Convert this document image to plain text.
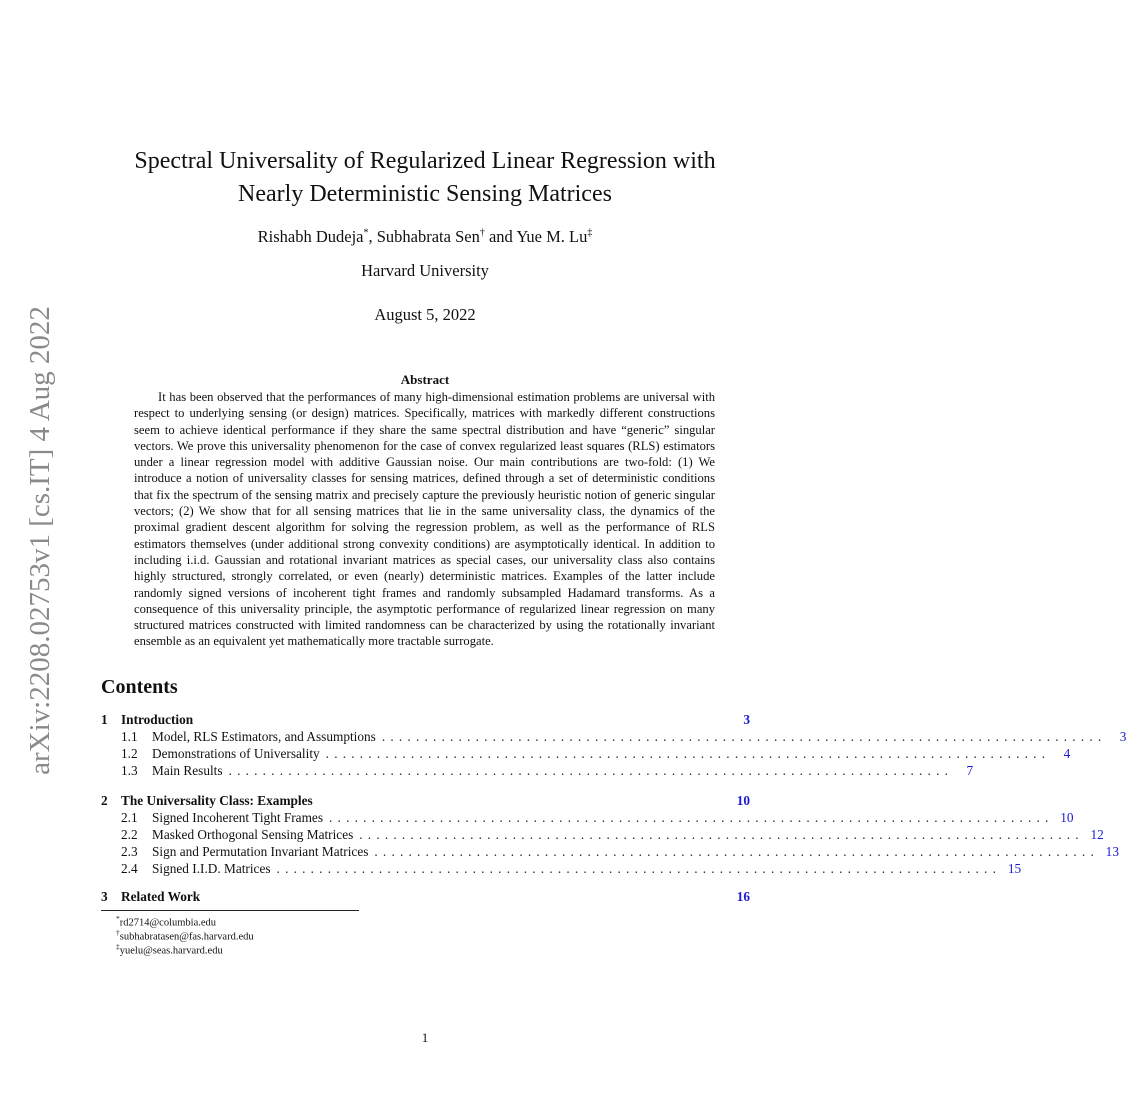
arXiv:2208.02753v1 [cs.IT] 4 Aug 2022
Spectral Universality of Regularized Linear Regression with
Nearly Deterministic Sensing Matrices
Rishabh Dudeja*, Subhabrata Sen† and Yue M. Lu‡
Harvard University
August 5, 2022
Abstract

It has been observed that the performances of many high-dimensional estimation problems are universal with respect to underlying sensing (or design) matrices. Specifically, matrices with markedly different constructions seem to achieve identical performance if they share the same spectral distribution and have “generic” singular vectors. We prove this universality phenomenon for the case of convex regularized least squares (RLS) estimators under a linear regression model with additive Gaussian noise. Our main contributions are two-fold: (1) We introduce a notion of universality classes for sensing matrices, defined through a set of deterministic conditions that fix the spectrum of the sensing matrix and precisely capture the previously heuristic notion of generic singular vectors; (2) We show that for all sensing matrices that lie in the same universality class, the dynamics of the proximal gradient descent algorithm for solving the regression problem, as well as the performance of RLS estimators themselves (under additional strong convexity conditions) are asymptotically identical. In addition to including i.i.d. Gaussian and rotational invariant matrices as special cases, our universality class also contains highly structured, strongly correlated, or even (nearly) deterministic matrices. Examples of the latter include randomly signed versions of incoherent tight frames and randomly subsampled Hadamard transforms. As a consequence of this universality principle, the asymptotic performance of regularized linear regression on many structured matrices constructed with limited randomness can be characterized by using the rotationally invariant ensemble as an equivalent yet mathematically more tractable surrogate.

Contents
1	Introduction	3
1.1	Model, RLS Estimators, and Assumptions .....................................................................................	3
1.2	Demonstrations of Universality .....................................................................................	4
1.3	Main Results .....................................................................................	7
2	The Universality Class: Examples	10
2.1	Signed Incoherent Tight Frames ..................................................................................... 10
2.2	Masked Orthogonal Sensing Matrices ..................................................................................... 12
2.3	Sign and Permutation Invariant Matrices ..................................................................................... 13
2.4	Signed I.I.D. Matrices ..................................................................................... 15
3	Related Work	16
*rd2714@columbia.edu
†subhabratasen@fas.harvard.edu
‡yuelu@seas.harvard.edu
1
